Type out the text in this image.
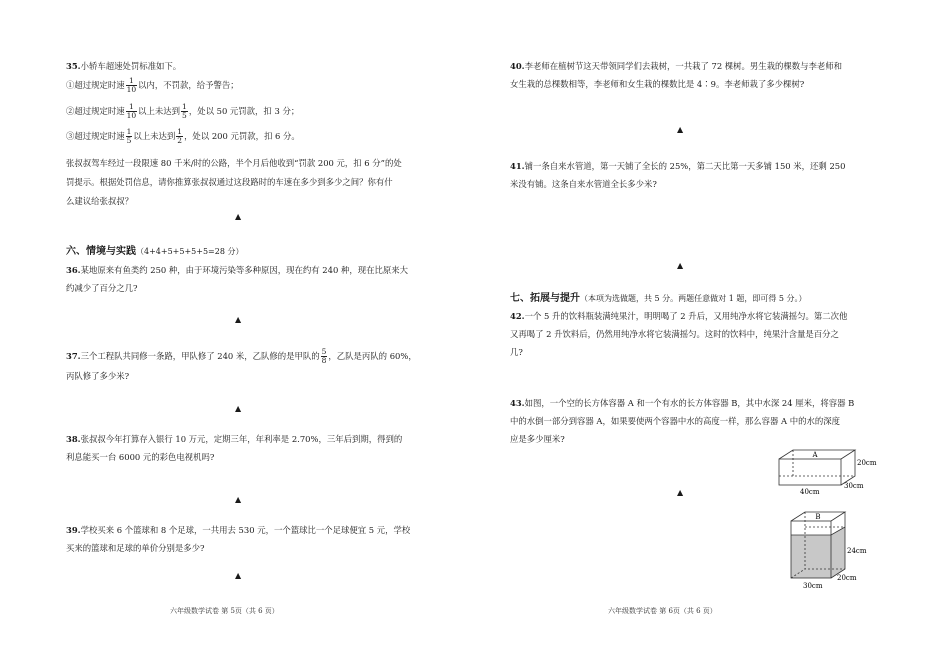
35.小轿车超速处罚标准如下。

①超过规定时速 $\frac{1}{10}$ 以内，不罚款，给予警告；
②超过规定时速 $\frac{1}{10}$ 以上未达到 $\frac{1}{5}$ ，处以 50 元罚款，扣 3 分；
③超过规定时速 $\frac{1}{5}$ 以上未达到 $\frac{1}{2}$ ，处以 200 元罚款，扣 6 分。

张叔叔驾车经过一段限速 80 千米/时的公路，半个月后他收到“罚款 200 元，扣 6 分”的处

罚提示。根据处罚信息，请你推算张叔叔通过这段路时的车速在多少到多少之间？你有什

么建议给张叔叔？

▲
六、情境与实践（4+4+5+5+5+5=28 分）

36.某地原来有鱼类约 250 种，由于环境污染等多种原因，现在约有 240 种，现在比原来大

约减少了百分之几?

▲

37.三个工程队共同修一条路，甲队修了 240 米，乙队修的是甲队的 $\frac{5}{8}$ ，乙队是丙队的 60%，

丙队修了多少米?

▲

38.张叔叔今年打算存入银行 10 万元，定期三年，年利率是 2.70%，三年后到期，得到的

利息能买一台 6000 元的彩色电视机吗?

▲

39.学校买来 6 个篮球和 8 个足球，一共用去 530 元，一个篮球比一个足球便宜 5 元，学校

买来的篮球和足球的单价分别是多少?

▲
六年级数学试卷 第 5页（共 6 页）

40.李老师在植树节这天带领同学们去栽树，一共栽了 72 棵树。男生栽的棵数与李老师和

女生栽的总棵数相等，李老师和女生栽的棵数比是 4∶9。李老师栽了多少棵树?

▲

41.铺一条自来水管道，第一天铺了全长的 25%，第二天比第一天多铺 150 米，还剩 250

米没有铺。这条自来水管道全长多少米?

▲
七、拓展与提升（本项为选做题，共 5 分。两题任意做对 1 题，即可得 5 分。）

42.一个 5 升的饮料瓶装满纯果汁，明明喝了 2 升后，又用纯净水将它装满摇匀。第二次他

又再喝了 2 升饮料后，仍然用纯净水将它装满摇匀。这时的饮料中，纯果汁含量是百分之

几?

43.如图，一个空的长方体容器 A 和一个有水的长方体容器 B，其中水深 24 厘米，将容器 B

中的水倒一部分到容器 A，如果要使两个容器中水的高度一样，那么容器 A 中的水的深度

应是多少厘米?

▲
A
20cm
40cm
30cm
B
24cm
20cm
30cm
六年级数学试卷 第 6页（共 6 页）
